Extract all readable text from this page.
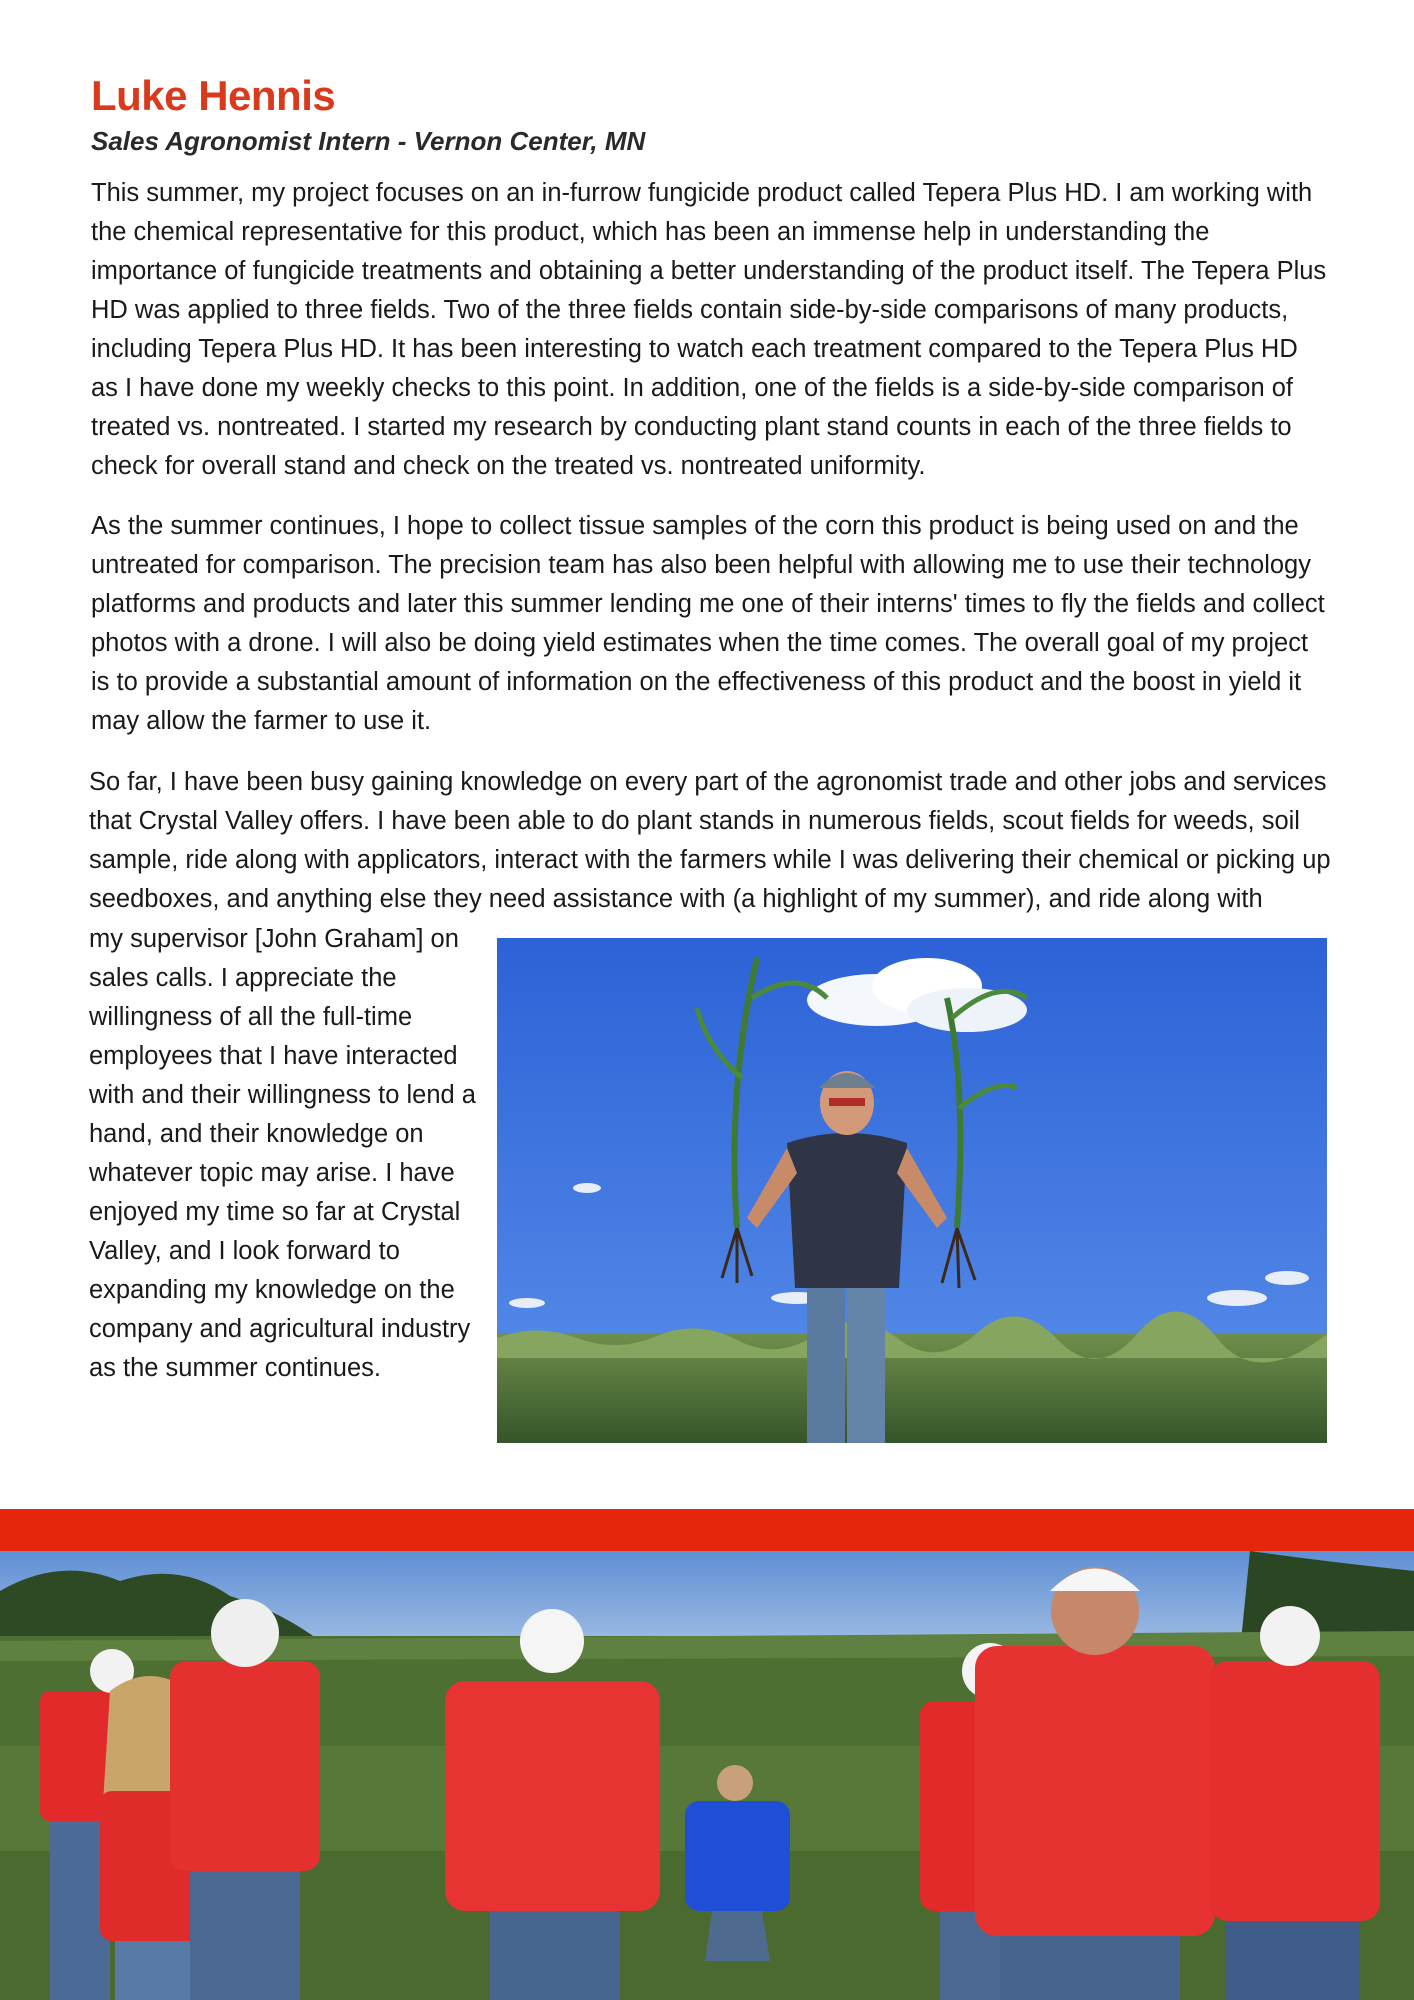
Luke Hennis
Sales Agronomist Intern - Vernon Center, MN

This summer, my project focuses on an in-furrow fungicide product called Tepera Plus HD. I am working with the chemical representative for this product, which has been an immense help in understanding the importance of fungicide treatments and obtaining a better understanding of the product itself. The Tepera Plus HD was applied to three fields. Two of the three fields contain side-by-side comparisons of many products, including Tepera Plus HD. It has been interesting to watch each treatment compared to the Tepera Plus HD as I have done my weekly checks to this point. In addition, one of the fields is a side-by-side comparison of treated vs. nontreated. I started my research by conducting plant stand counts in each of the three fields to check for overall stand and check on the treated vs. nontreated uniformity.

As the summer continues, I hope to collect tissue samples of the corn this product is being used on and the untreated for comparison. The precision team has also been helpful with allowing me to use their technology platforms and products and later this summer lending me one of their interns' times to fly the fields and collect photos with a drone. I will also be doing yield estimates when the time comes. The overall goal of my project is to provide a substantial amount of information on the effectiveness of this product and the boost in yield it may allow the farmer to use it.

So far, I have been busy gaining knowledge on every part of the agronomist trade and other jobs and services that Crystal Valley offers. I have been able to do plant stands in numerous fields, scout fields for weeds, soil sample, ride along with applicators, interact with the farmers while I was delivering their chemical or picking up seedboxes, and anything else they need assistance with (a highlight of my summer), and ride along with

my supervisor [John Graham] on sales calls. I appreciate the willingness of all the full-time employees that I have interacted with and their willingness to lend a hand, and their knowledge on whatever topic may arise. I have enjoyed my time so far at Crystal Valley, and I look forward to expanding my knowledge on the company and agricultural industry as the summer continues.
